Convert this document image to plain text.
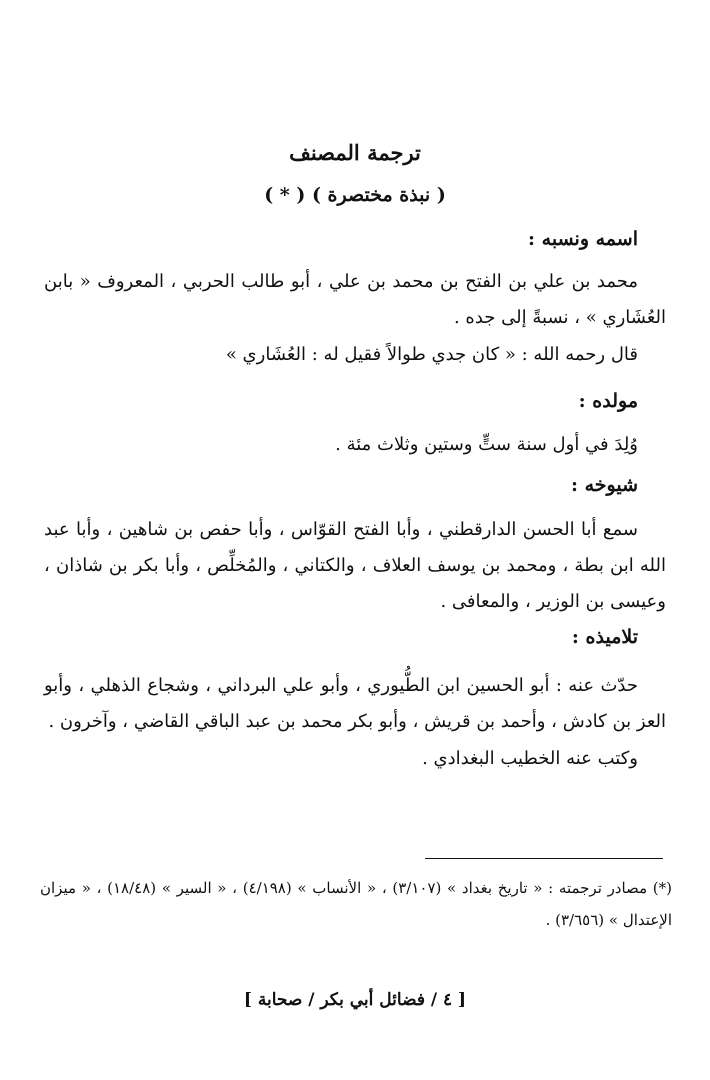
ترجمة المصنف
( نبذة مختصرة ) ( * )
اسمه ونسبه :
محمد بن علي بن الفتح بن محمد بن علي ، أبو طالب الحربي ، المعروف « بابن العُشَاري » ، نسبةً إلى جده .
قال رحمه الله : « كان جدي طوالاً فقيل له : العُشَاري »
مولده :
وُلِدَ في أول سنة ستٍّ وستين وثلاث مئة .
شيوخه :
سمع أبا الحسن الدارقطني ، وأبا الفتح القوّاس ، وأبا حفص بن شاهين ، وأبا عبد الله ابن بطة ، ومحمد بن يوسف العلاف ، والكتاني ، والمُخلِّص ، وأبا بكر بن شاذان ، وعيسى بن الوزير ، والمعافى .
تلاميذه :
حدّث عنه : أبو الحسين ابن الطُّيوري ، وأبو علي البرداني ، وشجاع الذهلي ، وأبو العز بن كادش ، وأحمد بن قريش ، وأبو بكر محمد بن عبد الباقي القاضي ، وآخرون .
وكتب عنه الخطيب البغدادي .
(*) مصادر ترجمته : « تاريخ بغداد » (٣/١٠٧) ، « الأنساب » (٤/١٩٨) ، « السير » (١٨/٤٨) ، « ميزان الإعتدال » (٣/٦٥٦) .
[ ٤ / فضائل أبي بكر / صحابة ]
